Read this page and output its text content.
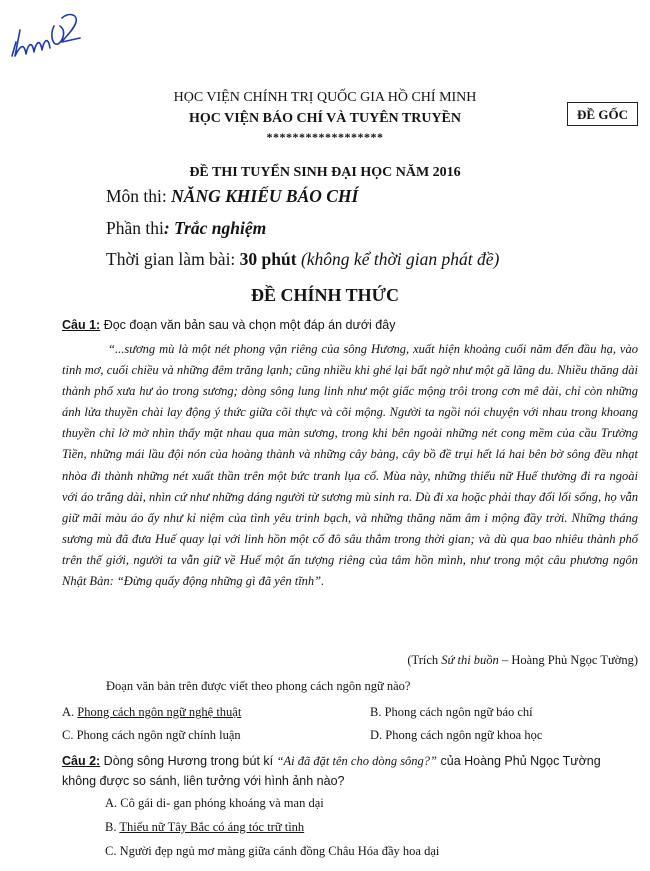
HỌC VIỆN CHÍNH TRỊ QUỐC GIA HỒ CHÍ MINH
HỌC VIỆN BÁO CHÍ VÀ TUYÊN TRUYỀN
******************
ĐỀ GỐC
ĐỀ THI TUYỂN SINH ĐẠI HỌC NĂM 2016
Môn thi: NĂNG KHIẾU BÁO CHÍ
Phần thi: Trắc nghiệm
Thời gian làm bài: 30 phút (không kể thời gian phát đề)
ĐỀ CHÍNH THỨC
Câu 1: Đọc đoạn văn bản sau và chọn một đáp án dưới đây

“...sương mù là một nét phong vận riêng của sông Hương, xuất hiện khoảng cuối năm đến đầu hạ, vào tinh mơ, cuối chiều và những đêm trăng lạnh; cũng nhiều khi ghé lại bất ngờ như một gã lãng du. Nhiều thăng dài thành phố xưa hư ảo trong sương; dòng sông lung linh như một giấc mộng trôi trong cơn mê dài, chỉ còn những ánh lửa thuyền chài lay động ý thức giữa cõi thực và cõi mộng. Người ta ngồi nói chuyện với nhau trong khoang thuyền chỉ lờ mờ nhìn thấy mặt nhau qua màn sương, trong khi bên ngoài những nét cong mềm của cầu Trường Tiền, những mái lầu đội nón của hoàng thành và những cây bàng, cây bồ đề trụi hết lá hai bên bờ sông đều nhạt nhòa đi thành những nét xuất thần trên một bức tranh lụa cổ. Mùa này, những thiếu nữ Huế thường đi ra ngoài với áo trắng dài, nhìn cứ như những dáng người từ sương mù sinh ra. Dù đi xa hoặc phải thay đổi lối sống, họ vẫn giữ mãi màu áo ấy như kỉ niệm của tình yêu trinh bạch, và những thăng năm âm i mộng đầy trời. Những tháng sương mù đã đưa Huế quay lại với linh hồn một cố đô sâu thẳm trong thời gian; và dù qua bao nhiêu thành phố trên thế giới, người ta vẫn giữ về Huế một ấn tượng riêng của tâm hồn mình, như trong một câu phương ngôn Nhật Bản: “Đừng quấy động những gì đã yên tĩnh”.

(Trích Sứ thi buồn – Hoàng Phủ Ngọc Tường)
Đoạn văn bản trên được viết theo phong cách ngôn ngữ nào?
A. Phong cách ngôn ngữ nghệ thuật	B. Phong cách ngôn ngữ báo chí
C. Phong cách ngôn ngữ chính luận	D. Phong cách ngôn ngữ khoa học

Câu 2: Dòng sông Hương trong bút kí “Ai đã đặt tên cho dòng sông?” của Hoàng Phủ Ngọc Tường không được so sánh, liên tưởng với hình ảnh nào?

A. Cô gái di- gan phóng khoáng và man dại
B. Thiếu nữ Tây Bắc có áng tóc trữ tình
C. Người đẹp ngủ mơ màng giữa cánh đồng Châu Hóa đầy hoa dại
